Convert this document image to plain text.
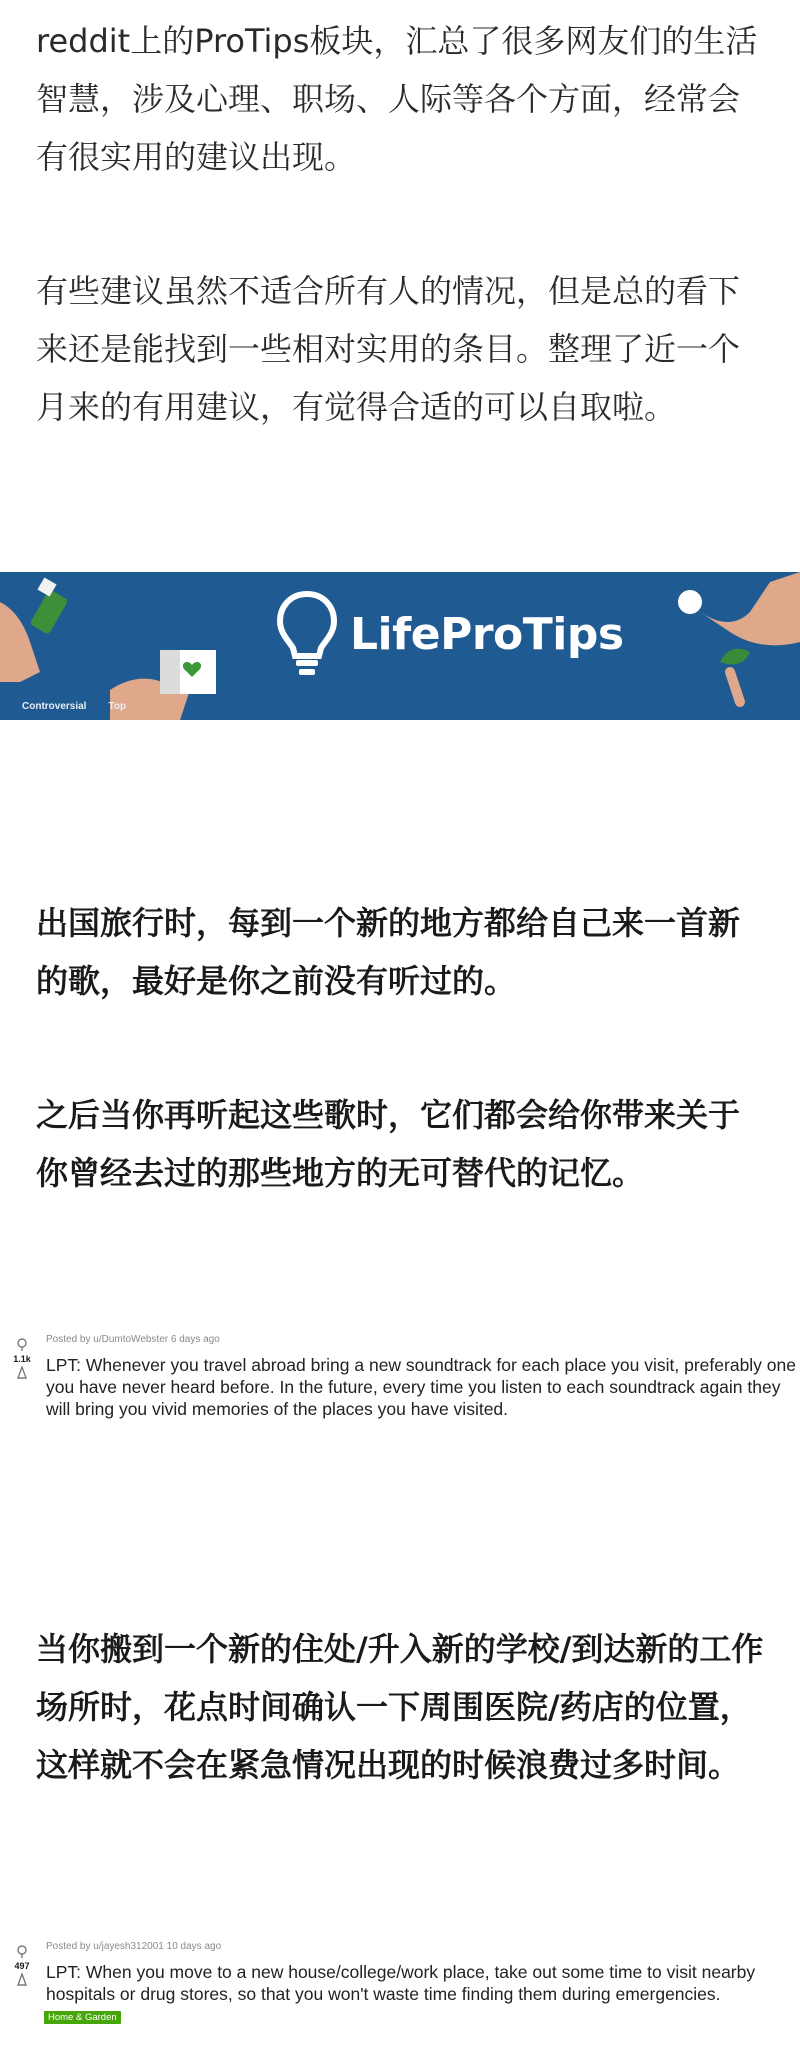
reddit上的ProTips板块，汇总了很多网友们的生活智慧，涉及心理、职场、人际等各个方面，经常会有很实用的建议出现。

有些建议虽然不适合所有人的情况，但是总的看下来还是能找到一些相对实用的条目。整理了近一个月来的有用建议，有觉得合适的可以自取啦。

LifeProTips
Controversial Top

出国旅行时，每到一个新的地方都给自己来一首新的歌，最好是你之前没有听过的。

之后当你再听起这些歌时，它们都会给你带来关于你曾经去过的那些地方的无可替代的记忆。

1.1k
Posted by u/DumtoWebster 6 days ago
LPT: Whenever you travel abroad bring a new soundtrack for each place you visit, preferably one you have never heard before. In the future, every time you listen to each soundtrack again they will bring you vivid memories of the places you have visited.

当你搬到一个新的住处/升入新的学校/到达新的工作场所时，花点时间确认一下周围医院/药店的位置，这样就不会在紧急情况出现的时候浪费过多时间。

497
Posted by u/jayesh312001 10 days ago
LPT: When you move to a new house/college/work place, take out some time to visit nearby hospitals or drug stores, so that you won't waste time finding them during emergencies.
Home & Garden
